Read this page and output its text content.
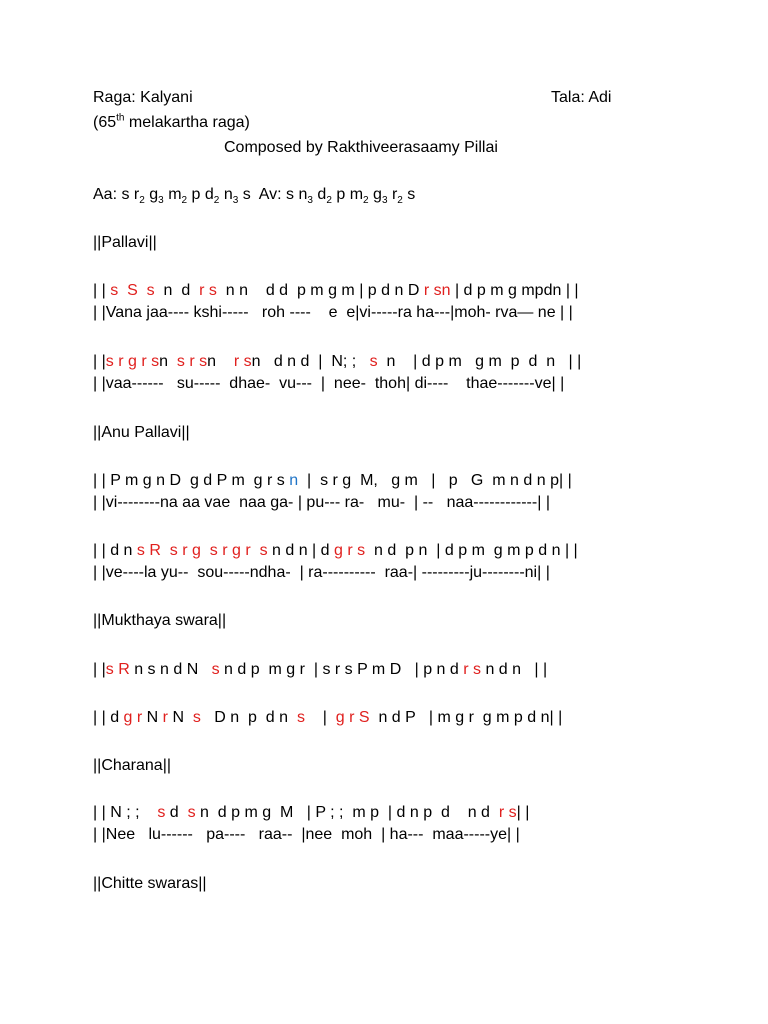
Raga: Kalyani	Tala: Adi
(65th melakartha raga)
Composed by Rakthiveerasaamy Pillai
Aa: s $r_2$ $g_3$ $m_2$ p $d_2$ $n_3$ s Av: s $n_3$ $d_2$ p $m_2$ $g_3$ $r_2$ s
||Pallavi||
| | s  S  s  n  d  r s  n n    d d  p m g m | p d n D r sn | d p m g mpdn | |
| |Vana jaa---- kshi-----   roh ----    e  e|vi-----ra ha---|moh- rva— ne | |
| |s r g r sn  s r sn    r sn   d n d  |  N; ;   s  n    | d p m   g m  p  d  n   | |
| |vaa------   su-----  dhae-  vu---  |  nee-  thoh| di----    thae-------ve| |
||Anu Pallavi||
| | P m g n D  g d P m  g r s n  |  s r g  M,   g m   |   p   G  m n d n p| |
| |vi--------na aa vae  naa ga- | pu--- ra-   mu-  | --   naa------------| |
| | d n s R  s r g  s r g r  s n d n | d g r s  n d  p n  | d p m  g m p d n | |
| |ve----la yu--  sou-----ndha-  | ra----------  raa-| ---------ju--------ni| |
||Mukthaya swara||
| |s R n s n d N   s n d p  m g r  | s r s P m D   | p n d r s n d n   | |
| | d g r N r N  s   D n  p  d n  s    |  g r S  n d P   | m g r  g m p d n| |
||Charana||
| | N ; ;    s d  s n  d p m g  M   | P ; ;  m p  | d n p  d    n d  r s| |
| |Nee   lu------   pa----   raa--  |nee  moh  | ha---  maa-----ye| |
||Chitte swaras||
